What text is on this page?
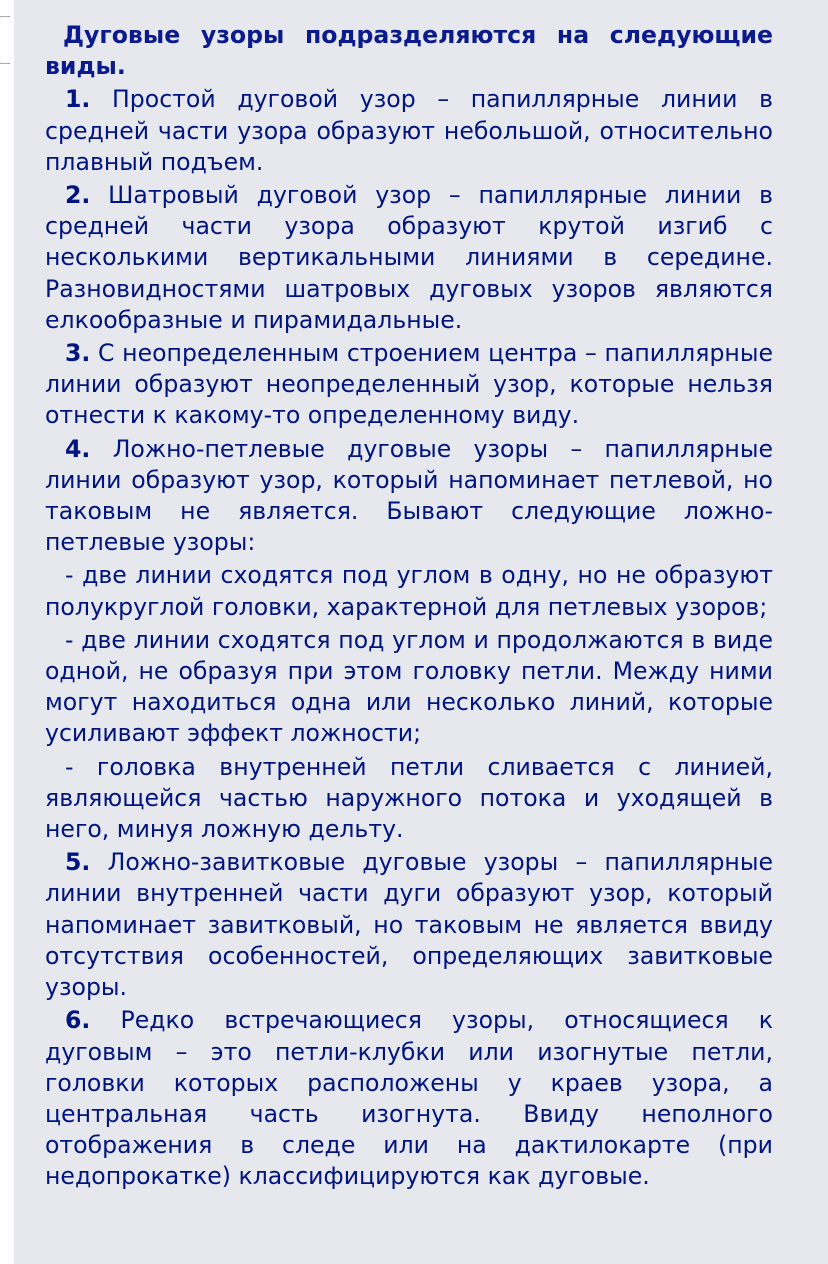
Дуговые узоры подразделяются на следующие виды.

1. Простой дуговой узор – папиллярные линии в средней части узора образуют небольшой, относительно плавный подъем.

2. Шатровый дуговой узор – папиллярные линии в средней части узора образуют крутой изгиб с несколькими вертикальными линиями в середине. Разновидностями шатровых дуговых узоров являются елкообразные и пирамидальные.

3. С неопределенным строением центра – папиллярные линии образуют неопределенный узор, которые нельзя отнести к какому-то определенному виду.

4. Ложно-петлевые дуговые узоры – папиллярные линии образуют узор, который напоминает петлевой, но таковым не является. Бывают следующие ложно-петлевые узоры:

- две линии сходятся под углом в одну, но не образуют полукруглой головки, характерной для петлевых узоров;

- две линии сходятся под углом и продолжаются в виде одной, не образуя при этом головку петли. Между ними могут находиться одна или несколько линий, которые усиливают эффект ложности;

- головка внутренней петли сливается с линией, являющейся частью наружного потока и уходящей в него, минуя ложную дельту.

5. Ложно-завитковые дуговые узоры – папиллярные линии внутренней части дуги образуют узор, который напоминает завитковый, но таковым не является ввиду отсутствия особенностей, определяющих завитковые узоры.

6. Редко встречающиеся узоры, относящиеся к дуговым – это петли-клубки или изогнутые петли, головки которых расположены у краев узора, а центральная часть изогнута. Ввиду неполного отображения в следе или на дактилокарте (при недопрокатке) классифицируются как дуговые.
